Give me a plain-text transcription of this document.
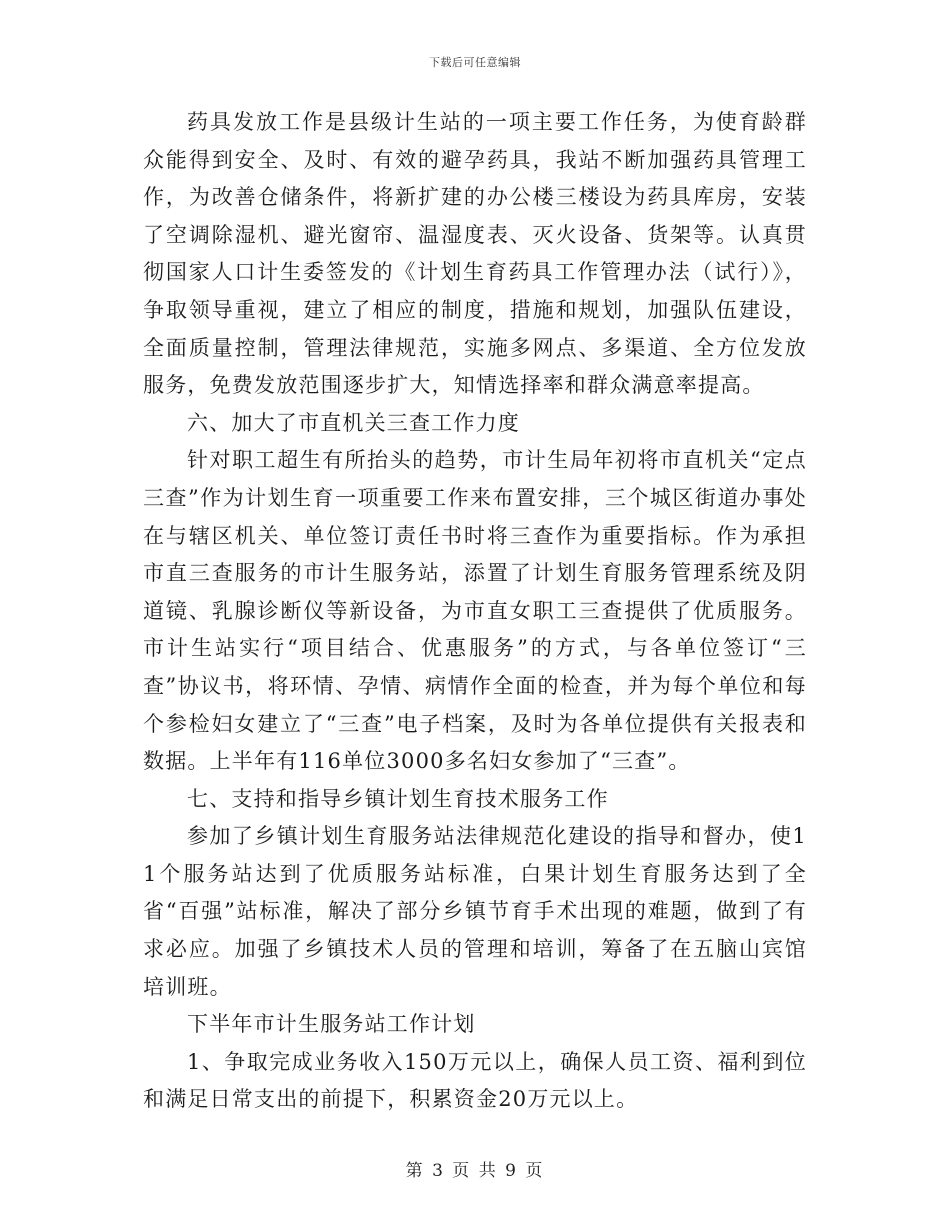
下载后可任意编辑

药具发放工作是县级计生站的一项主要工作任务，为使育龄群众能得到安全、及时、有效的避孕药具，我站不断加强药具管理工作，为改善仓储条件，将新扩建的办公楼三楼设为药具库房，安装了空调除湿机、避光窗帘、温湿度表、灭火设备、货架等。认真贯彻国家人口计生委签发的《计划生育药具工作管理办法（试行）》，争取领导重视，建立了相应的制度，措施和规划，加强队伍建设，全面质量控制，管理法律规范，实施多网点、多渠道、全方位发放服务，免费发放范围逐步扩大，知情选择率和群众满意率提高。

六、加大了市直机关三查工作力度

针对职工超生有所抬头的趋势，市计生局年初将市直机关“定点三查”作为计划生育一项重要工作来布置安排，三个城区街道办事处在与辖区机关、单位签订责任书时将三查作为重要指标。作为承担市直三查服务的市计生服务站，添置了计划生育服务管理系统及阴道镜、乳腺诊断仪等新设备，为市直女职工三查提供了优质服务。市计生站实行“项目结合、优惠服务”的方式，与各单位签订“三查”协议书，将环情、孕情、病情作全面的检查，并为每个单位和每个参检妇女建立了“三查”电子档案，及时为各单位提供有关报表和数据。上半年有116单位3000多名妇女参加了“三查”。

七、支持和指导乡镇计划生育技术服务工作

参加了乡镇计划生育服务站法律规范化建设的指导和督办，使11个服务站达到了优质服务站标准，白果计划生育服务达到了全省“百强”站标准，解决了部分乡镇节育手术出现的难题，做到了有求必应。加强了乡镇技术人员的管理和培训，筹备了在五脑山宾馆培训班。

下半年市计生服务站工作计划

1、争取完成业务收入150万元以上，确保人员工资、福利到位和满足日常支出的前提下，积累资金20万元以上。

第 3 页 共 9 页
